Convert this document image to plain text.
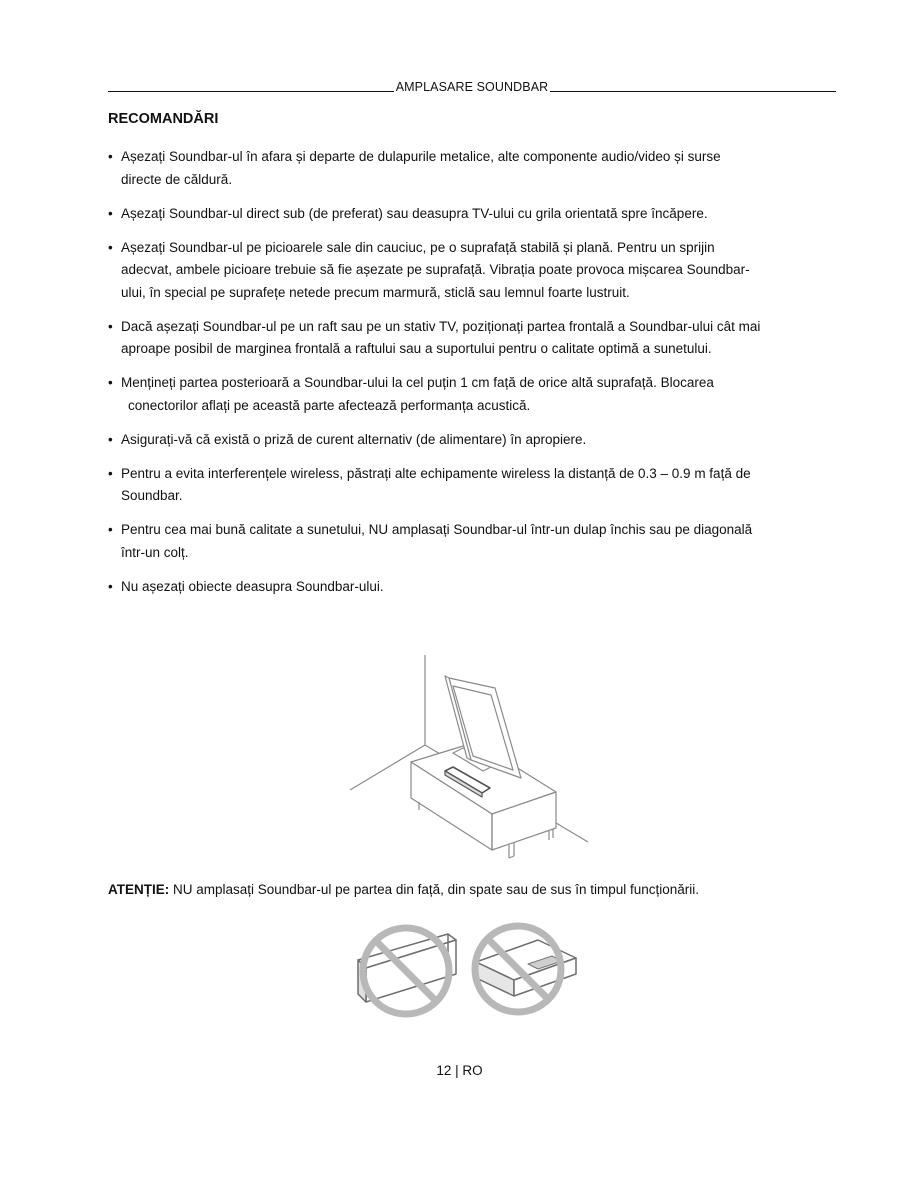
AMPLASARE SOUNDBAR
RECOMANDĂRI
• Așezați Soundbar-ul în afara și departe de dulapurile metalice, alte componente audio/video și surse
directe de căldură.
• Așezați Soundbar-ul direct sub (de preferat) sau deasupra TV-ului cu grila orientată spre încăpere.
• Așezați Soundbar-ul pe picioarele sale din cauciuc, pe o suprafață stabilă și plană. Pentru un sprijin
adecvat, ambele picioare trebuie să fie așezate pe suprafață. Vibrația poate provoca mișcarea Soundbar-
ului, în special pe suprafețe netede precum marmură, sticlă sau lemnul foarte lustruit.
• Dacă așezați Soundbar-ul pe un raft sau pe un stativ TV, poziționați partea frontală a Soundbar-ului cât mai
aproape posibil de marginea frontală a raftului sau a suportului pentru o calitate optimă a sunetului.
• Mențineți partea posterioară a Soundbar-ului la cel puțin 1 cm față de orice altă suprafață. Blocarea
conectorilor aflați pe această parte afectează performanța acustică.
• Asigurați-vă că există o priză de curent alternativ (de alimentare) în apropiere.
• Pentru a evita interferențele wireless, păstrați alte echipamente wireless la distanță de 0.3 – 0.9 m față de
Soundbar.
• Pentru cea mai bună calitate a sunetului, NU amplasați Soundbar-ul într-un dulap închis sau pe diagonală
într-un colț.
• Nu așezați obiecte deasupra Soundbar-ului.
ATENȚIE: NU amplasați Soundbar-ul pe partea din față, din spate sau de sus în timpul funcționării.
12 | RO
